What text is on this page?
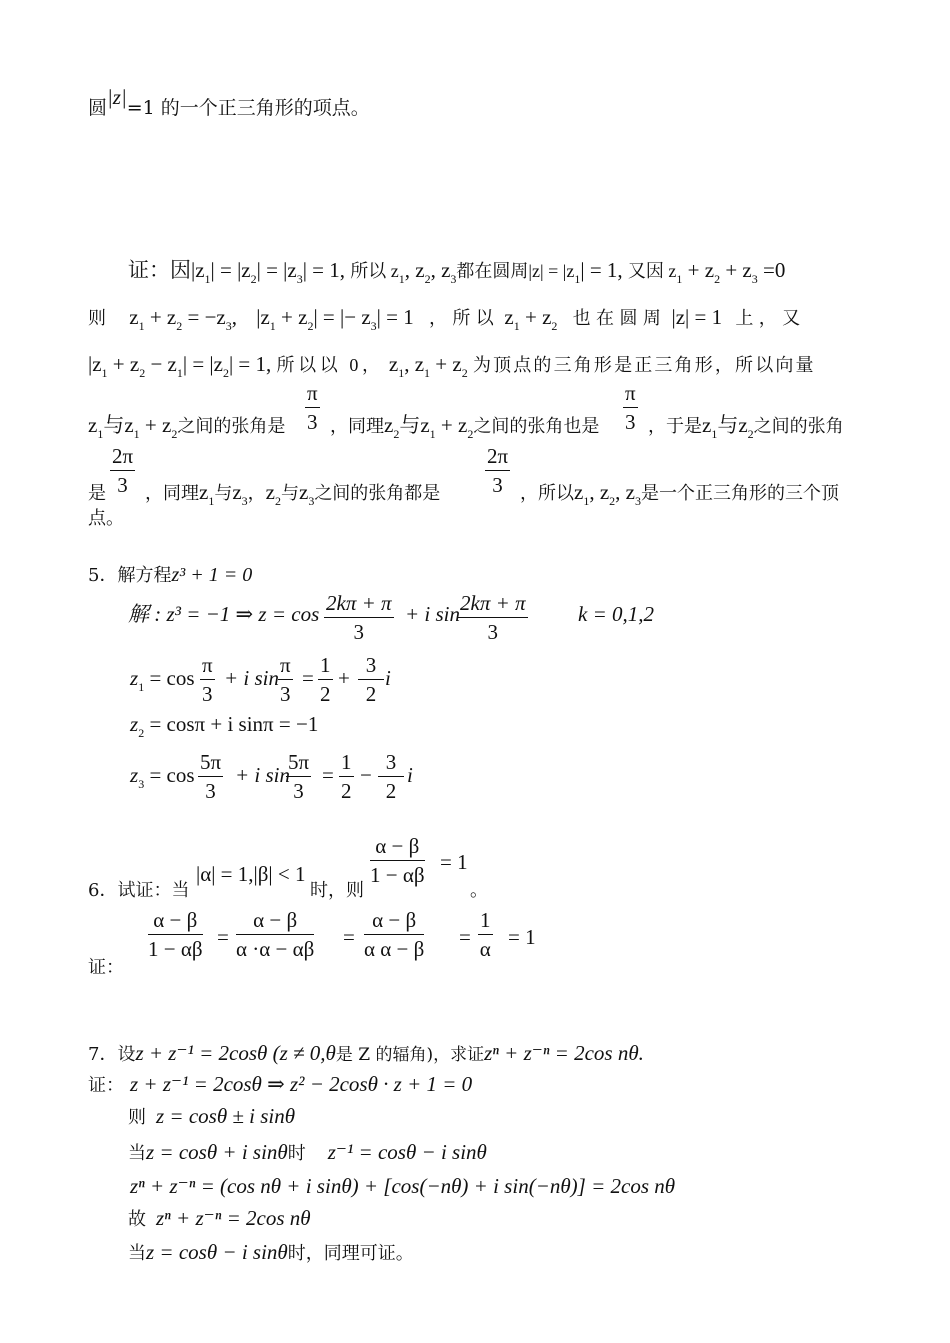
圆|z|=1 的一个正三角形的项点。
证：因$|z_1| = |z_2| = |z_3| = 1$, 所以 $z_1$, $z_2$, $z_3$都在圆周$|z| = |z_1| = 1$, 又因 $z_1 + z_2 + z_3 =0$
则 $z_1 + z_2 = -z_3$, $|z_1 + z_2|$ = |− $z_3| = 1$ ，所以 $z_1 + z_2$ 也在圆周 |z| = 1 上，又
$|z_1 + z_2 - z_1| = |z_2| = 1$, 所以以 0， $z_1$, $z_1 + z_2$ 为顶点的三角形是正三角形，所以向量
$z_1$与$z_1 + z_2$之间的张角是
π
3 ，同理$z_2$与$z_1 + z_2$之间的张角也是
π
3 ，于是$z_1$与$z_2$之间的张角
是
2π
3 ，同理$z_1$与$z_3$，$z_2$与$z_3$之间的张角都是
2π
3 ，所以$z_1$, $z_2$, $z_3$是一个正三角形的三个顶
点。
5．解方程z³ + 1 = 0
解 : z³ = −1 ⇒ z = cos 2kπ + π
3
+ i sin 2kπ + π
3
k = 0,1,2
$z_1 = \cos$
π
3
+ i sin
π
3
=
1
2
+
3
2
i
$z_2 = \cos\pi + i$ sinπ = −1
$z_3 = \cos$
5π
3
+ i sin
5π
3
=
1
2
−
3
2
i
α − β
1 − αβ
= 1
6．试证：当
|α| = 1,|β| < 1
时，则	。
α − β
1 − αβ =
α − β
α ·α − αβ =
α − β
α α − β =
1
α = 1
证：
7．设z + z⁻¹ = 2cosθ (z ≠ 0,θ是 Z 的辐角)，求证zⁿ + z⁻ⁿ = 2cos nθ.
证： z + z⁻¹ = 2cosθ ⇒ z² − 2cosθ · z + 1 = 0
则 z = cosθ ± i sinθ
当z = cosθ + i sinθ时 z⁻¹ = cosθ − i sinθ
zⁿ + z⁻ⁿ = (cos nθ + i sinθ) + [cos(−nθ) + i sin(−nθ)] = 2cos nθ
故 zⁿ + z⁻ⁿ = 2cos nθ
当z = cosθ − i sinθ时，同理可证。
